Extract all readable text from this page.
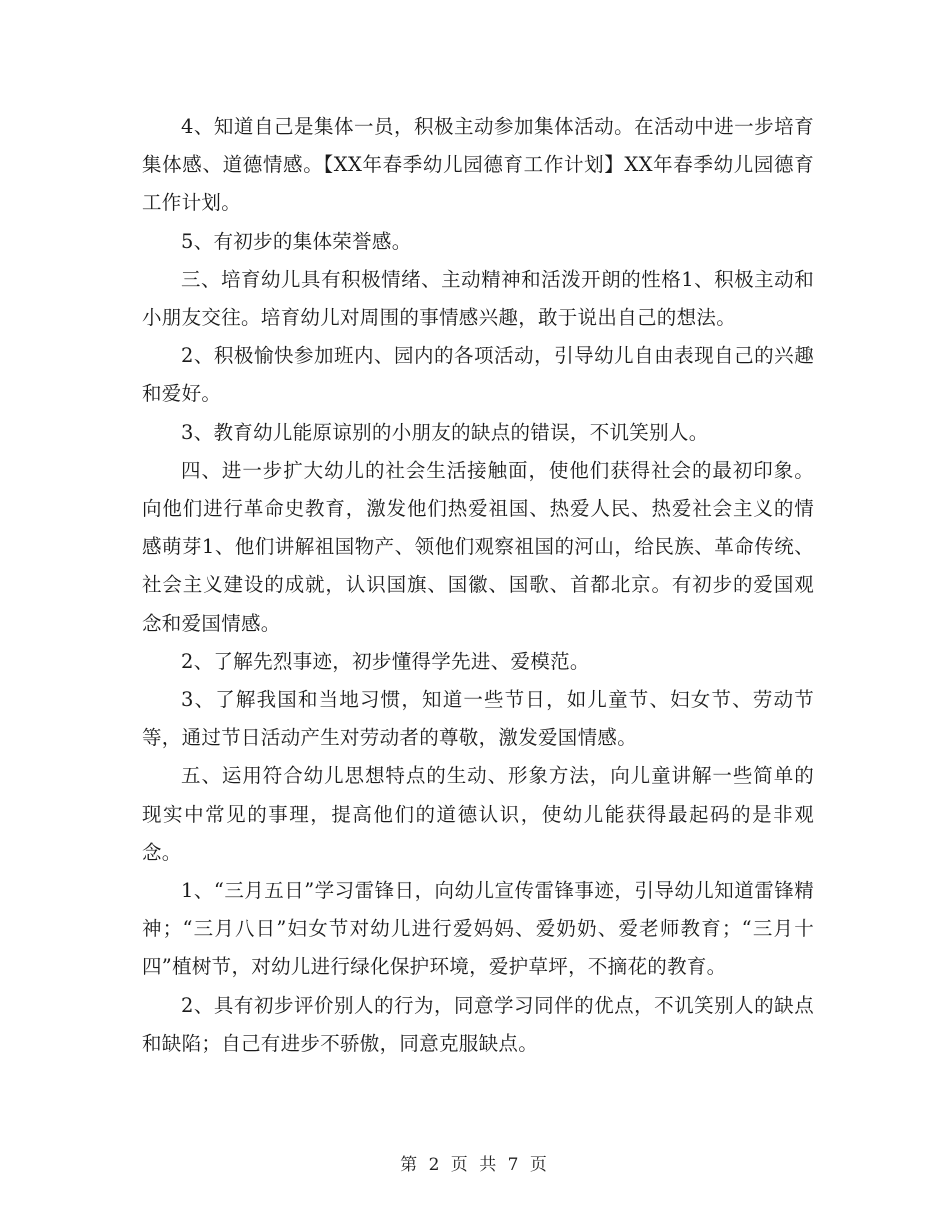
4、知道自己是集体一员，积极主动参加集体活动。在活动中进一步培育集体感、道德情感。【XX年春季幼儿园德育工作计划】XX年春季幼儿园德育工作计划。

5、有初步的集体荣誉感。

三、培育幼儿具有积极情绪、主动精神和活泼开朗的性格1、积极主动和小朋友交往。培育幼儿对周围的事情感兴趣，敢于说出自己的想法。

2、积极愉快参加班内、园内的各项活动，引导幼儿自由表现自己的兴趣和爱好。

3、教育幼儿能原谅别的小朋友的缺点的错误，不讥笑别人。

四、进一步扩大幼儿的社会生活接触面，使他们获得社会的最初印象。向他们进行革命史教育，激发他们热爱祖国、热爱人民、热爱社会主义的情感萌芽1、他们讲解祖国物产、领他们观察祖国的河山，给民族、革命传统、社会主义建设的成就，认识国旗、国徽、国歌、首都北京。有初步的爱国观念和爱国情感。

2、了解先烈事迹，初步懂得学先进、爱模范。

3、了解我国和当地习惯，知道一些节日，如儿童节、妇女节、劳动节等，通过节日活动产生对劳动者的尊敬，激发爱国情感。

五、运用符合幼儿思想特点的生动、形象方法，向儿童讲解一些简单的现实中常见的事理，提高他们的道德认识，使幼儿能获得最起码的是非观念。

1、“三月五日”学习雷锋日，向幼儿宣传雷锋事迹，引导幼儿知道雷锋精神；“三月八日”妇女节对幼儿进行爱妈妈、爱奶奶、爱老师教育；“三月十四”植树节，对幼儿进行绿化保护环境，爱护草坪，不摘花的教育。

2、具有初步评价别人的行为，同意学习同伴的优点，不讥笑别人的缺点和缺陷；自己有进步不骄傲，同意克服缺点。

第 2 页 共 7 页
